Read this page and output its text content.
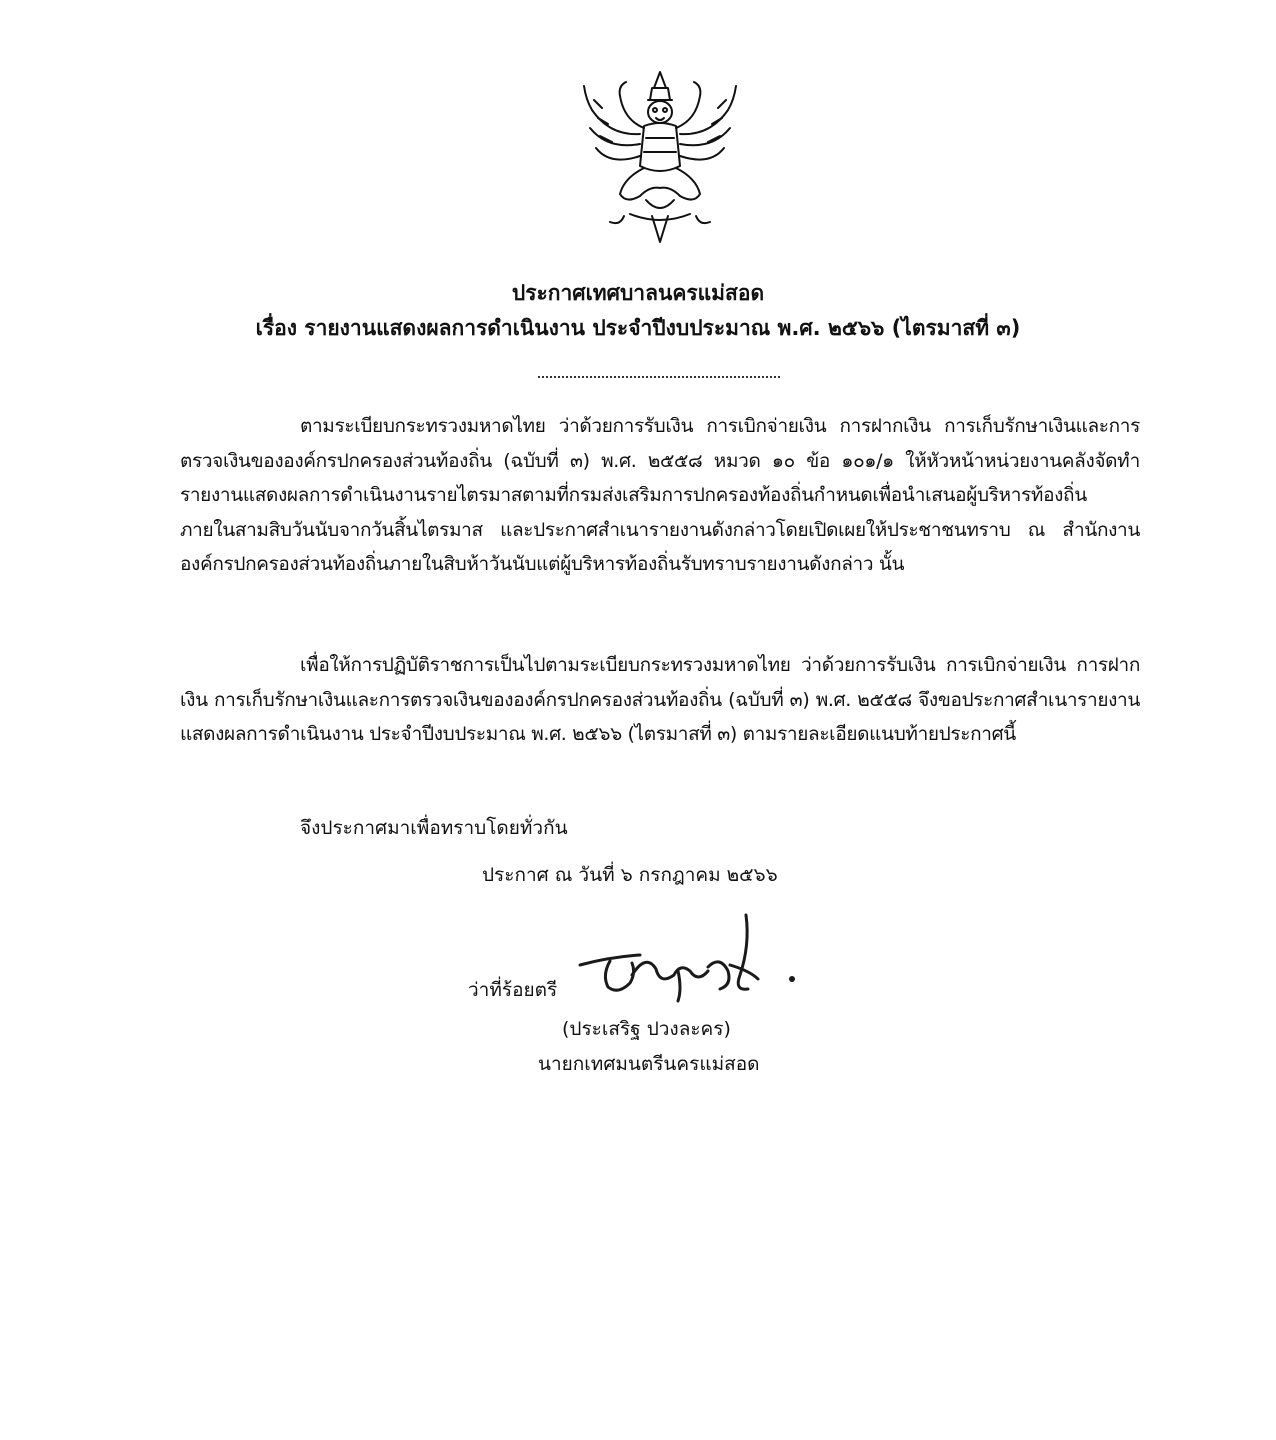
ประกาศเทศบาลนครแม่สอด
เรื่อง รายงานแสดงผลการดำเนินงาน ประจำปีงบประมาณ พ.ศ. ๒๕๖๖ (ไตรมาสที่ ๓)
ตามระเบียบกระทรวงมหาดไทย ว่าด้วยการรับเงิน การเบิกจ่ายเงิน การฝากเงิน การเก็บรักษาเงินและการตรวจเงินขององค์กรปกครองส่วนท้องถิ่น (ฉบับที่ ๓) พ.ศ. ๒๕๕๘ หมวด ๑๐ ข้อ ๑๐๑/๑ ให้หัวหน้าหน่วยงานคลังจัดทำรายงานแสดงผลการดำเนินงานรายไตรมาสตามที่กรมส่งเสริมการปกครองท้องถิ่นกำหนดเพื่อนำเสนอผู้บริหารท้องถิ่นภายในสามสิบวันนับจากวันสิ้นไตรมาส และประกาศสำเนารายงานดังกล่าวโดยเปิดเผยให้ประชาชนทราบ ณ สำนักงานองค์กรปกครองส่วนท้องถิ่นภายในสิบห้าวันนับแต่ผู้บริหารท้องถิ่นรับทราบรายงานดังกล่าว นั้น
เพื่อให้การปฏิบัติราชการเป็นไปตามระเบียบกระทรวงมหาดไทย ว่าด้วยการรับเงิน การเบิกจ่ายเงิน การฝากเงิน การเก็บรักษาเงินและการตรวจเงินขององค์กรปกครองส่วนท้องถิ่น (ฉบับที่ ๓) พ.ศ. ๒๕๕๘ จึงขอประกาศสำเนารายงานแสดงผลการดำเนินงาน ประจำปีงบประมาณ พ.ศ. ๒๕๖๖ (ไตรมาสที่ ๓) ตามรายละเอียดแนบท้ายประกาศนี้
จึงประกาศมาเพื่อทราบโดยทั่วกัน
ประกาศ ณ วันที่ ๖ กรกฎาคม ๒๕๖๖
ว่าที่ร้อยตรี
(ประเสริฐ ปวงละคร)
นายกเทศมนตรีนครแม่สอด
